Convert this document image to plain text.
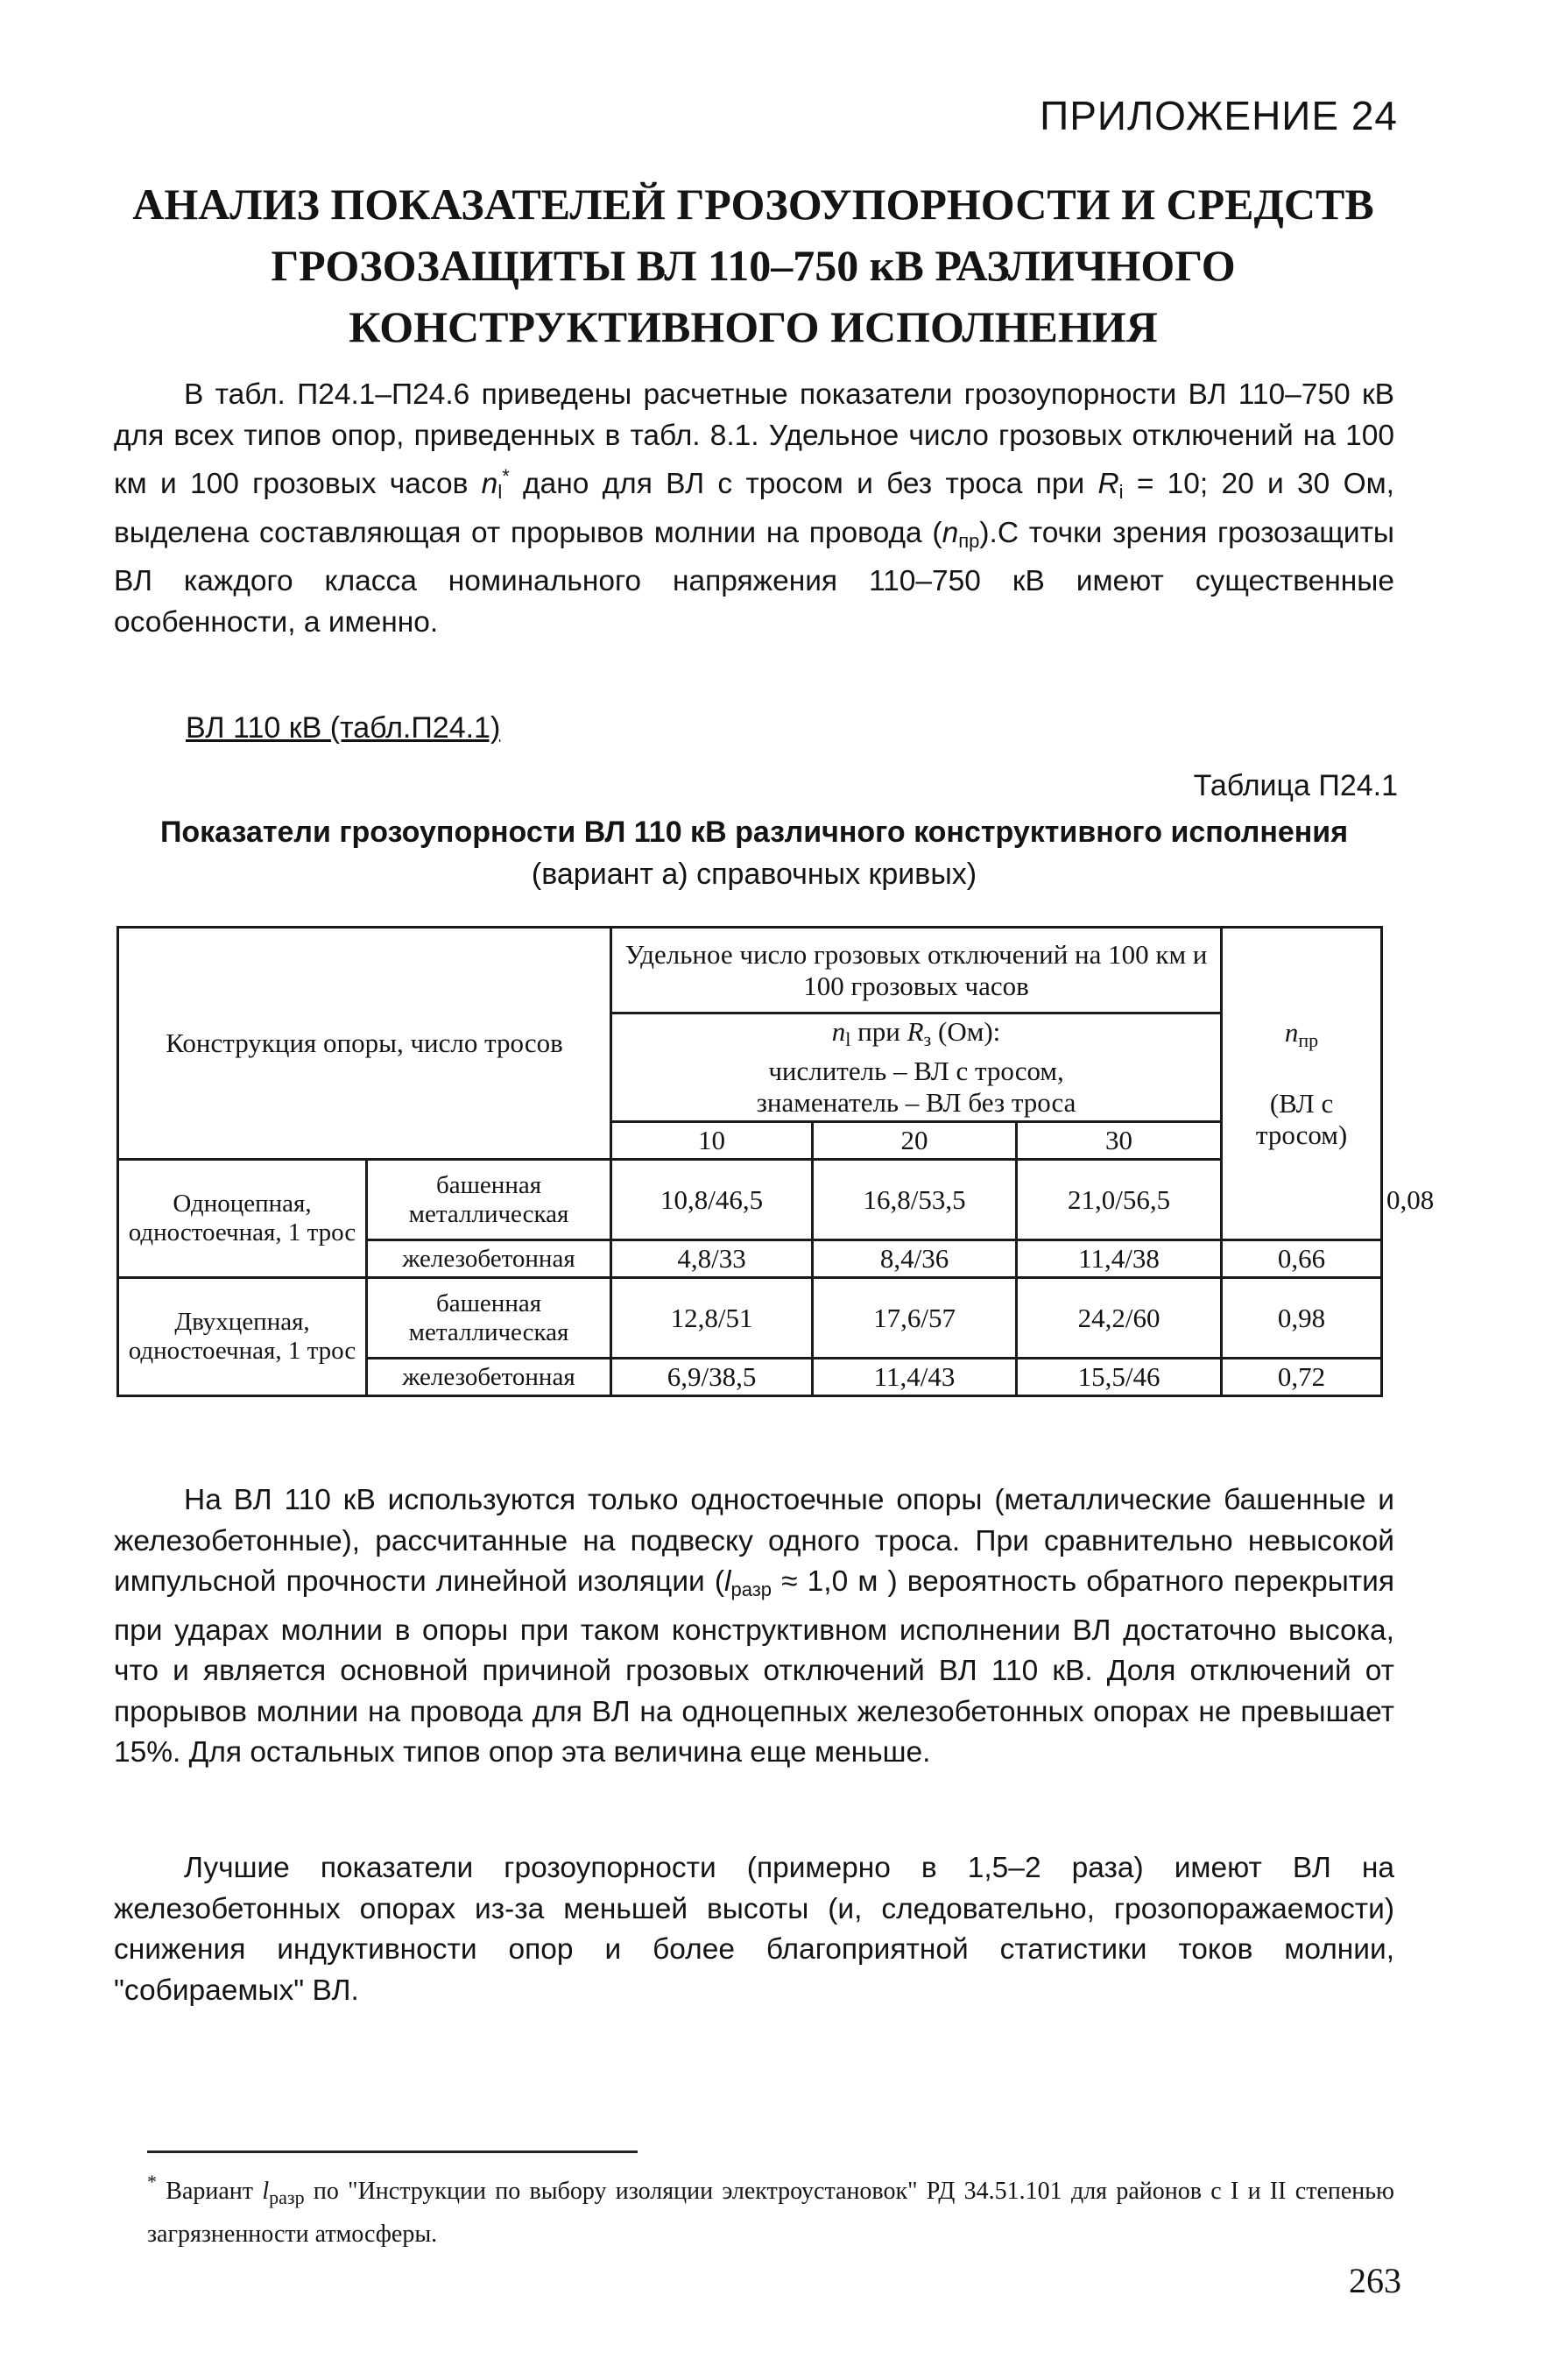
ПРИЛОЖЕНИЕ 24
АНАЛИЗ ПОКАЗАТЕЛЕЙ ГРОЗОУПОРНОСТИ И СРЕДСТВ
ГРОЗОЗАЩИТЫ ВЛ 110–750 кВ РАЗЛИЧНОГО
КОНСТРУКТИВНОГО ИСПОЛНЕНИЯ
В табл. П24.1–П24.6 приведены расчетные показатели грозоупорности ВЛ 110–750 кВ для всех типов опор, приведенных в табл. 8.1. Удельное число грозовых отключений на 100 км и 100 грозовых часов $n_l^*$ дано для ВЛ с тросом и без троса при $R_i = 10$; 20 и 30 Ом, выделена составляющая от прорывов молнии на провода $(n_{пр}).С$ точки зрения грозозащиты ВЛ каждого класса номинального напряжения 110–750 кВ имеют существенные особенности, а именно.
ВЛ 110 кВ (табл.П24.1)
Таблица П24.1
Показатели грозоупорности ВЛ 110 кВ различного конструктивного исполнения
(вариант а) справочных кривых)
Конструкция опоры, число тросов		Удельное число грозовых отключений на 100 км и 100 грозовых часов			$n_{пр}$

(ВЛ с тросом)	
		$n_l$ при $R_з$ (Ом):
числитель – ВЛ с тросом,
знаменатель – ВЛ без троса				
		10	20	30		
Одноцепная, одностоечная, 1 трос	башенная металлическая	10,8/46,5	16,8/53,5	21,0/56,5		0,08
	железобетонная	4,8/33	8,4/36	11,4/38	0,66	
Двухцепная, одностоечная, 1 трос	башенная металлическая	12,8/51	17,6/57	24,2/60	0,98	
	железобетонная	6,9/38,5	11,4/43	15,5/46	0,72	
На ВЛ 110 кВ используются только одностоечные опоры (металлические башенные и железобетонные), рассчитанные на подвеску одного троса. При сравнительно невысокой импульсной прочности линейной изоляции ($l_{разр} \approx 1,0$ м ) вероятность обратного перекрытия при ударах молнии в опоры при таком конструктивном исполнении ВЛ достаточно высока, что и является основной причиной грозовых отключений ВЛ 110 кВ. Доля отключений от прорывов молнии на провода для ВЛ на одноцепных железобетонных опорах не превышает 15%. Для остальных типов опор эта величина еще меньше.
Лучшие показатели грозоупорности (примерно в 1,5–2 раза) имеют ВЛ на железобетонных опорах из-за меньшей высоты (и, следовательно, грозопоражаемости) снижения индуктивности опор и более благоприятной статистики токов молнии, "собираемых" ВЛ.
* Вариант $l_{разр}$ по "Инструкции по выбору изоляции электроустановок" РД 34.51.101 для районов с I и II степенью загрязненности атмосферы.
263
